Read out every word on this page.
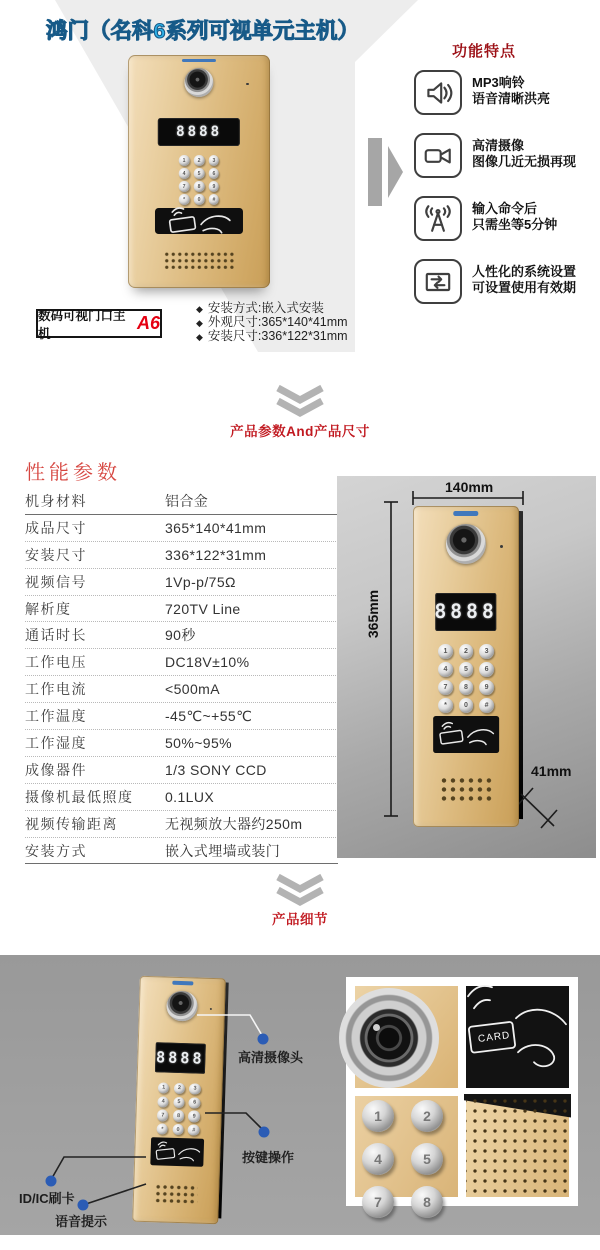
鸿门（名科6系列可视单元主机）
8888
1	2	3
4	5	6
7	8	9
*	0	#
数码可视门口主机
A6
◆ 安装方式:嵌入式安装
◆ 外观尺寸:365*140*41mm
◆ 安装尺寸:336*122*31mm
功能特点
MP3响铃
语音清晰洪亮
高清摄像
图像几近无损再现
输入命令后
只需坐等5分钟
人性化的系统设置
可设置使用有效期
产品参数And产品尺寸
性能参数
机身材料	铝合金
成品尺寸	365*140*41mm
安装尺寸	336*122*31mm
视频信号	1Vp-p/75Ω
解析度	720TV Line
通话时长	90秒
工作电压	DC18V±10%
工作电流	<500mA
工作温度	-45℃~+55℃
工作湿度	50%~95%
成像器件	1/3 SONY CCD
摄像机最低照度	0.1LUX
视频传输距离	无视频放大器约250m
安装方式	嵌入式埋墙或装门
8888
1	2	3
4	5	6
7	8	9
*	0	#
140mm
365mm
41mm
产品细节
8888
1	2	3
4	5	6
7	8	9
*	0	#
高清摄像头
按键操作
ID/IC刷卡
语音提示
CARD
1	2
4	5
7	8
